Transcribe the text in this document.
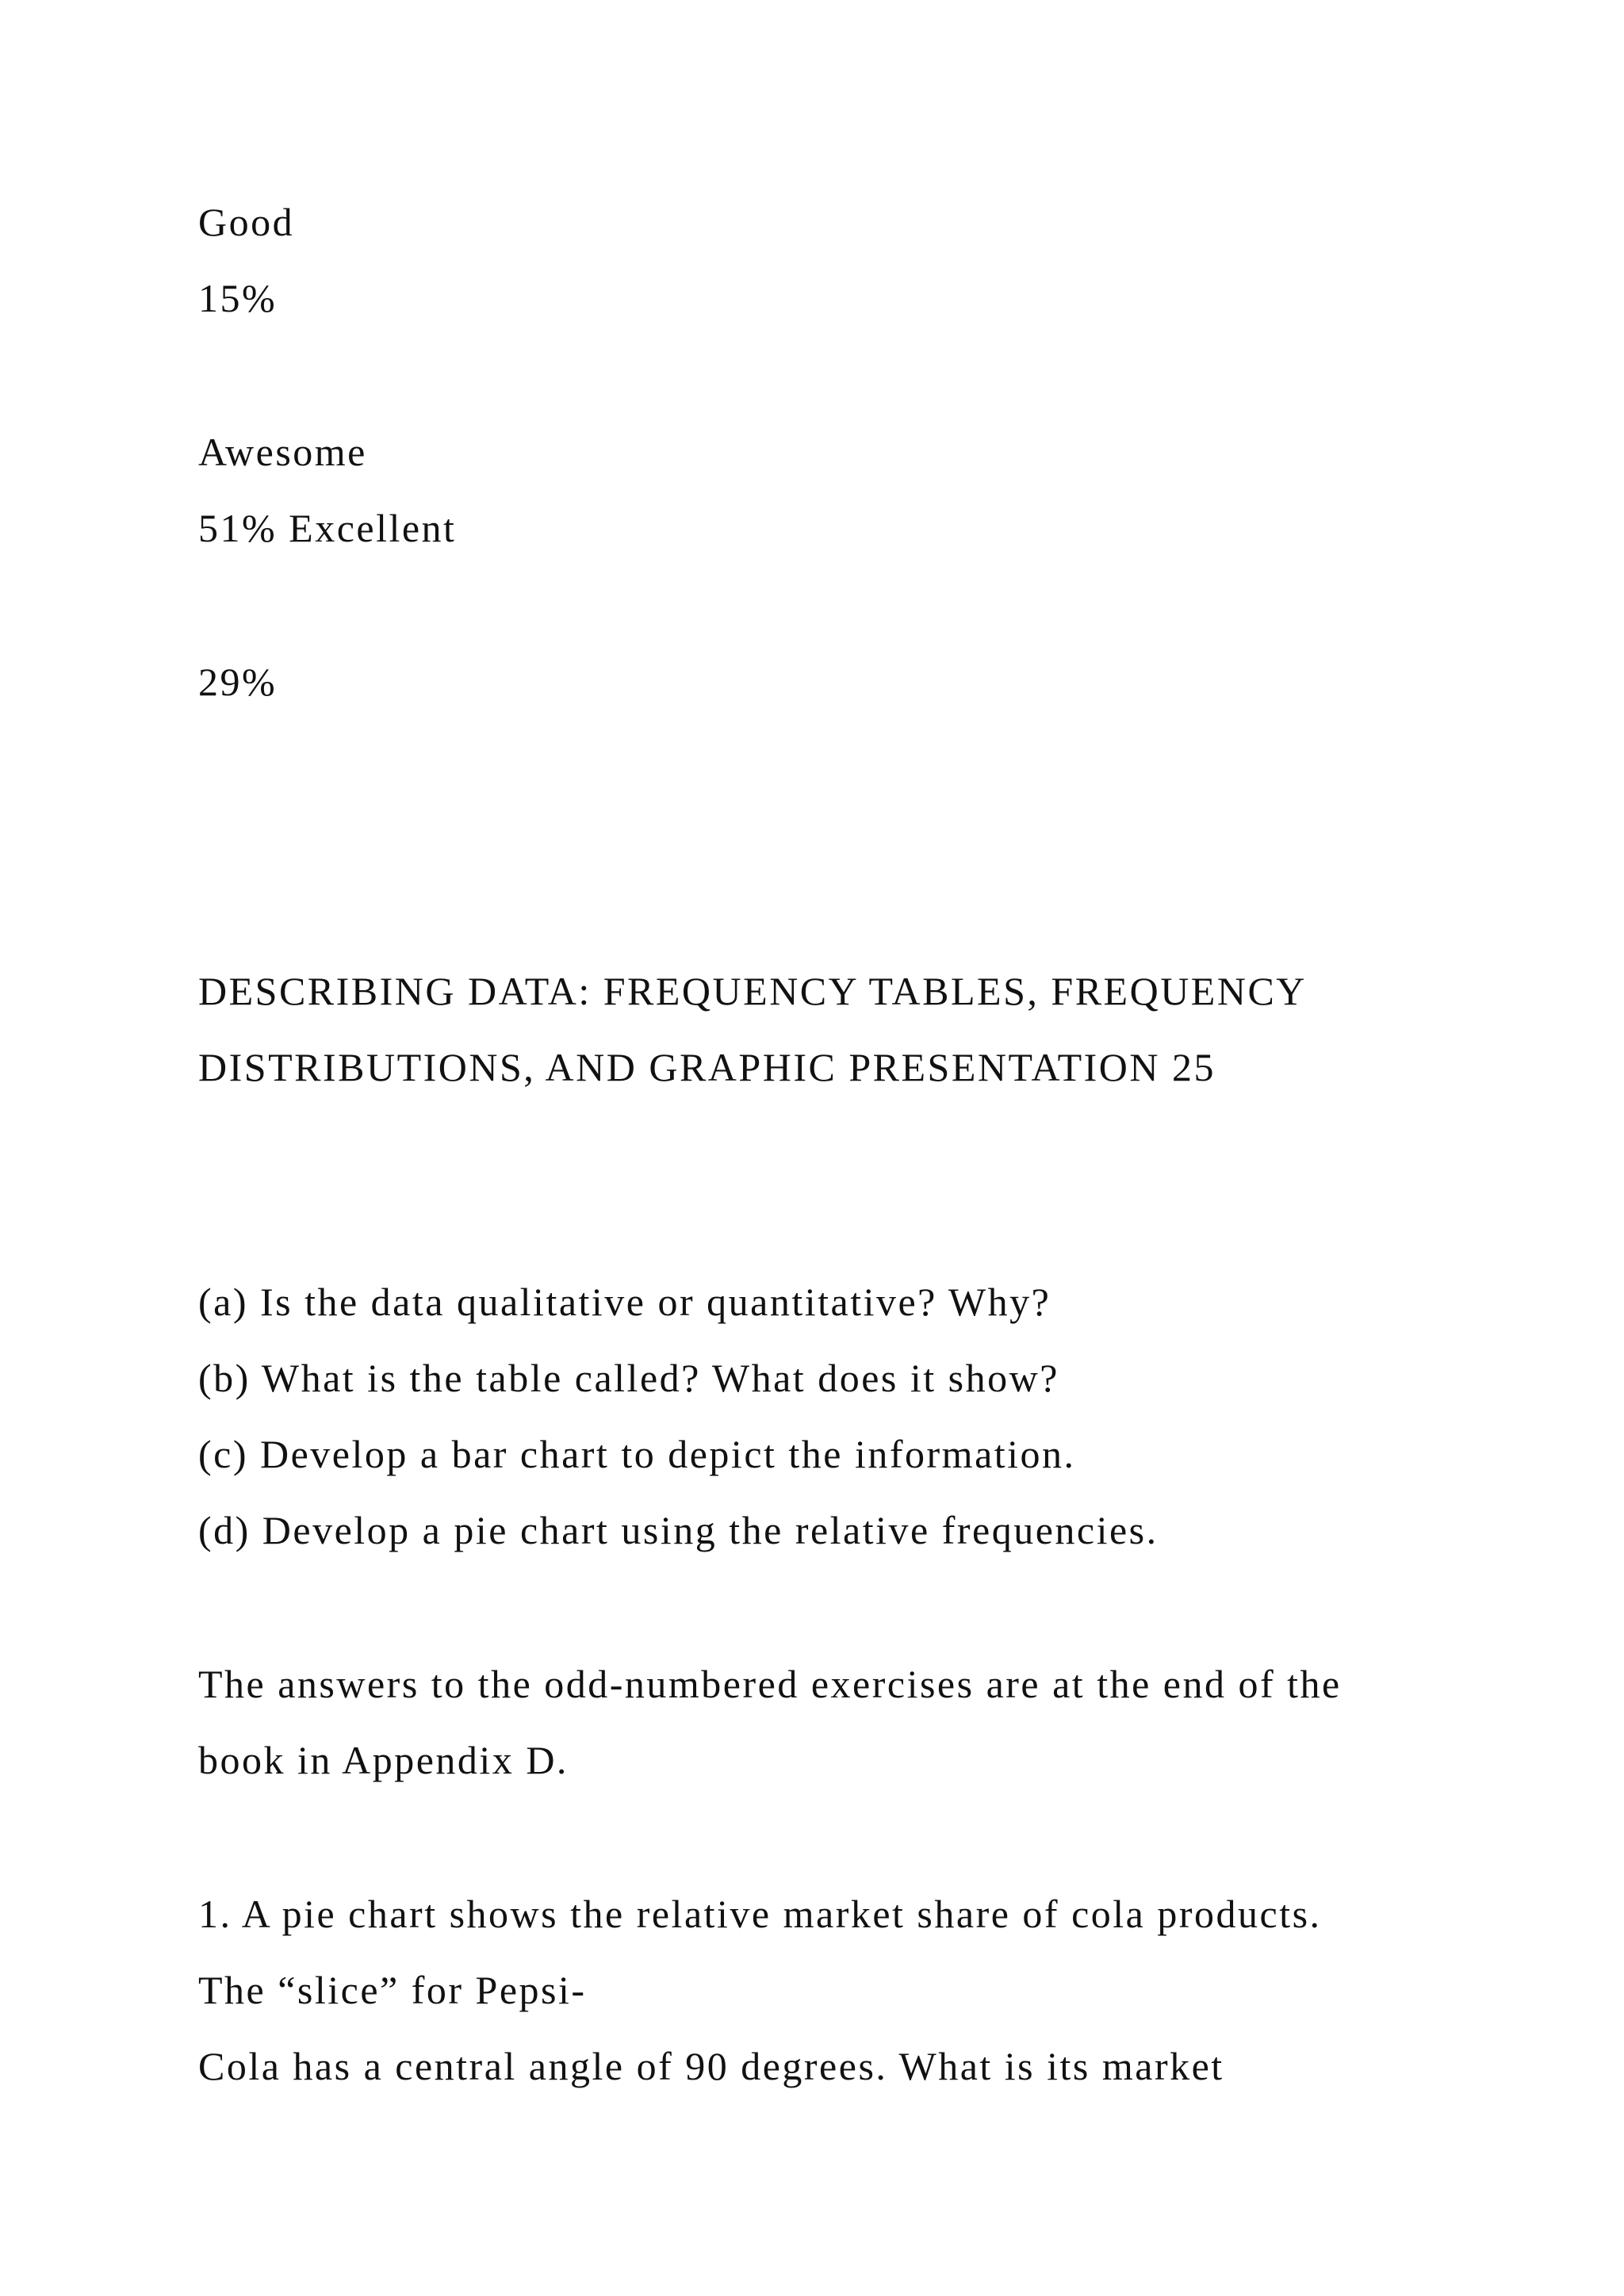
Good

15%

Awesome

51% Excellent

29%

DESCRIBING DATA: FREQUENCY TABLES, FREQUENCY

DISTRIBUTIONS, AND GRAPHIC PRESENTATION 25

(a) Is the data qualitative or quantitative? Why?

(b) What is the table called? What does it show?

(c) Develop a bar chart to depict the information.

(d) Develop a pie chart using the relative frequencies.

The answers to the odd-numbered exercises are at the end of the

book in Appendix D.

1. A pie chart shows the relative market share of cola products.

The “slice” for Pepsi-

Cola has a central angle of 90 degrees. What is its market
